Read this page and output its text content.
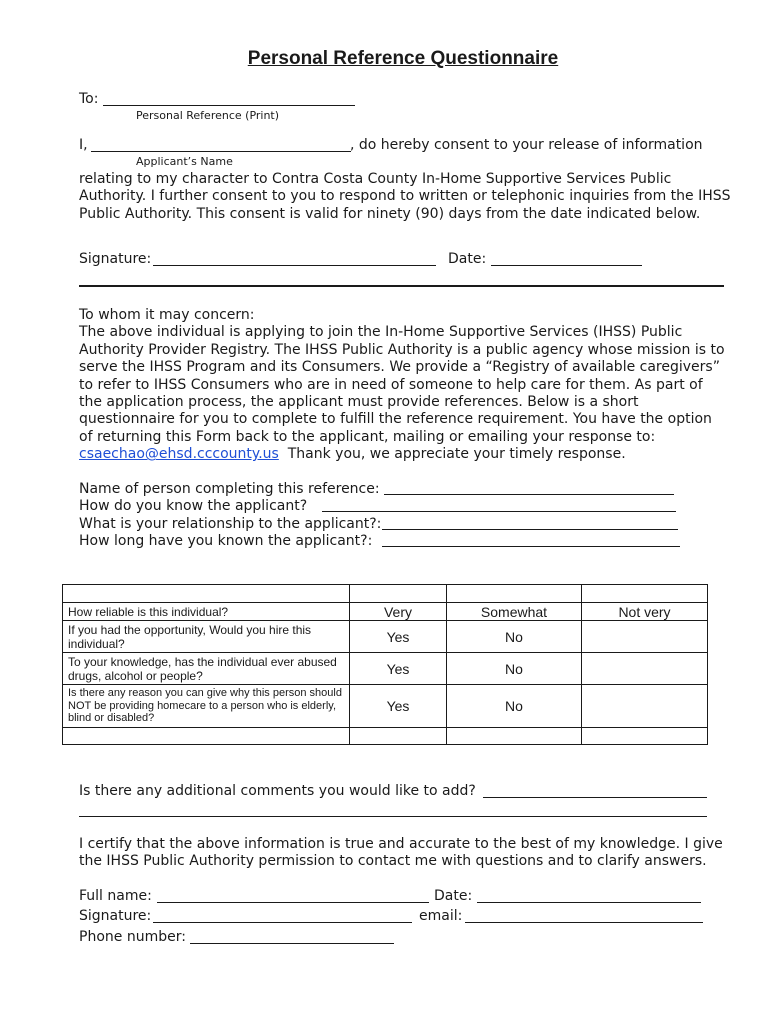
Personal Reference Questionnaire
To:
Personal Reference (Print)
I,	, do hereby consent to your release of information
Applicant’s Name
relating to my character to Contra Costa County In-Home Supportive Services Public
Authority. I further consent to you to respond to written or telephonic inquiries from the IHSS
Public Authority. This consent is valid for ninety (90) days from the date indicated below.
Signature:	Date:
To whom it may concern:
The above individual is applying to join the In-Home Supportive Services (IHSS) Public
Authority Provider Registry. The IHSS Public Authority is a public agency whose mission is to
serve the IHSS Program and its Consumers. We provide a “Registry of available caregivers”
to refer to IHSS Consumers who are in need of someone to help care for them. As part of
the application process, the applicant must provide references. Below is a short
questionnaire for you to complete to fulfill the reference requirement. You have the option
of returning this Form back to the applicant, mailing or emailing your response to:
csaechao@ehsd.cccounty.us Thank you, we appreciate your timely response.
Name of person completing this reference:
How do you know the applicant?
What is your relationship to the applicant?:
How long have you known the applicant?:

How reliable is this individual?	Very	Somewhat	Not very
If you had the opportunity, Would you hire this individual?	Yes	No	
To your knowledge, has the individual ever abused drugs, alcohol or people?	Yes	No	
Is there any reason you can give why this person should NOT be providing homecare to a person who is elderly, blind or disabled?	Yes	No	

Is there any additional comments you would like to add?
I certify that the above information is true and accurate to the best of my knowledge. I give
the IHSS Public Authority permission to contact me with questions and to clarify answers.
Full name:	Date:
Signature:	email:
Phone number:
